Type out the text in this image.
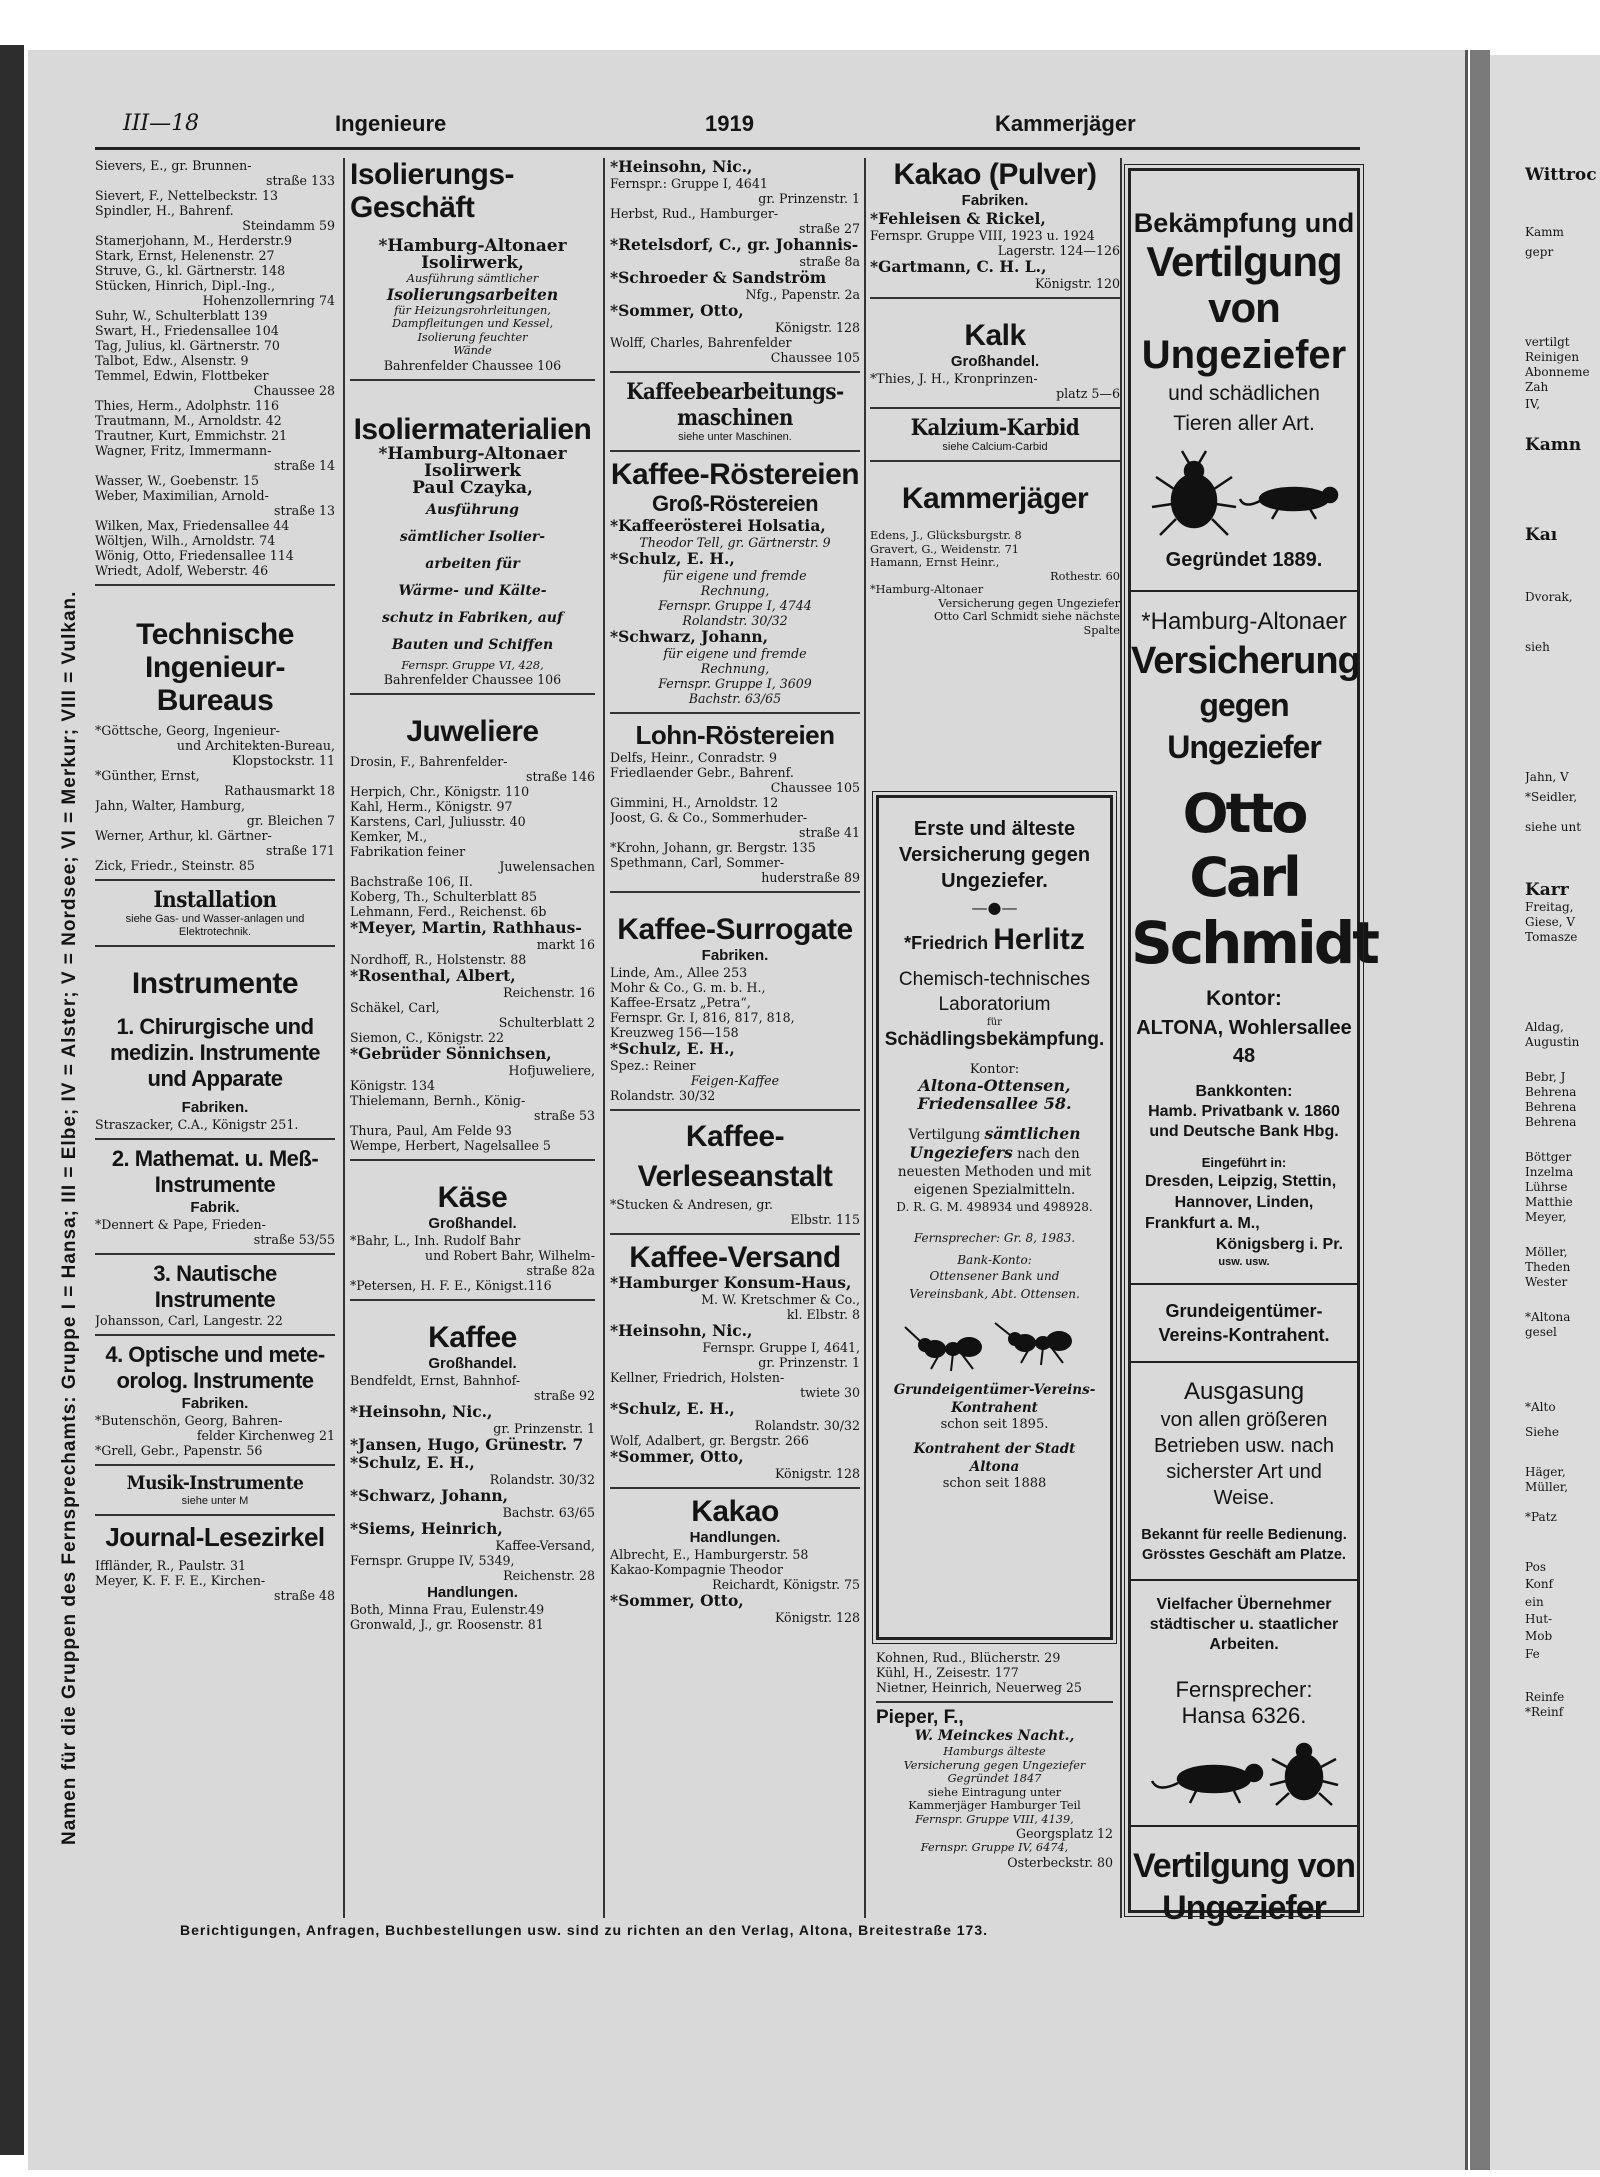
Namen für die Gruppen des Fernsprechamts: Gruppe I = Hansa; III = Elbe; IV = Alster; V = Nordsee; VI = Merkur; VIII = Vulkan.
III—18	Ingenieure	1919	Kammerjäger
Sievers, E., gr. Brunnen-
straße 133
Sievert, F., Nettelbeckstr. 13
Spindler, H., Bahrenf.
Steindamm 59
Stamerjohann, M., Herderstr.9
Stark, Ernst, Helenenstr. 27
Struve, G., kl. Gärtnerstr. 148
Stücken, Hinrich, Dipl.-Ing.,
Hohenzollernring 74
Suhr, W., Schulterblatt 139
Swart, H., Friedensallee 104
Tag, Julius, kl. Gärtnerstr. 70
Talbot, Edw., Alsenstr. 9
Temmel, Edwin, Flottbeker
Chaussee 28
Thies, Herm., Adolphstr. 116
Trautmann, M., Arnoldstr. 42
Trautner, Kurt, Emmichstr. 21
Wagner, Fritz, Immermann-
straße 14
Wasser, W., Goebenstr. 15
Weber, Maximilian, Arnold-
straße 13
Wilken, Max, Friedensallee 44
Wöltjen, Wilh., Arnoldstr. 74
Wönig, Otto, Friedensallee 114
Wriedt, Adolf, Weberstr. 46
Technische Ingenieur-Bureaus
*Göttsche, Georg, Ingenieur-
und Architekten-Bureau,
Klopstockstr. 11
*Günther, Ernst,
Rathausmarkt 18
Jahn, Walter, Hamburg,
gr. Bleichen 7
Werner, Arthur, kl. Gärtner-
straße 171
Zick, Friedr., Steinstr. 85
Installation
siehe Gas- und Wasser-anlagen und Elektrotechnik.
Instrumente
1. Chirurgische und medizin. Instrumente und Apparate
Fabriken.
Straszacker, C.A., Königstr 251.
2. Mathemat. u. Meß-Instrumente
Fabrik.
*Dennert & Pape, Frieden-
straße 53/55
3. Nautische Instrumente
Johansson, Carl, Langestr. 22
4. Optische und mete-orolog. Instrumente
Fabriken.
*Butenschön, Georg, Bahren-
felder Kirchenweg 21
*Grell, Gebr., Papenstr. 56
Musik-Instrumente
siehe unter M
Journal-Lesezirkel
Iffländer, R., Paulstr. 31
Meyer, K. F. F. E., Kirchen-
straße 48
Isolierungs-Geschäft
*Hamburg-Altonaer Isolirwerk,
Ausführung sämtlicher
Isolierungsarbeiten
für Heizungsrohrleitungen,
Dampfleitungen und Kessel,
Isolierung feuchter
Wände
Bahrenfelder Chaussee 106
Isoliermaterialien
*Hamburg-Altonaer Isolirwerk
Paul Czayka,
Ausführung
sämtlicher Isolier-
arbeiten für
Wärme- und Kälte-
schutz in Fabriken, auf
Bauten und Schiffen
Fernspr. Gruppe VI, 428,
Bahrenfelder Chaussee 106
Juweliere
Drosin, F., Bahrenfelder-
straße 146
Herpich, Chr., Königstr. 110
Kahl, Herm., Königstr. 97
Karstens, Carl, Juliusstr. 40
Kemker, M.,
Fabrikation feiner
Juwelensachen
Bachstraße 106, II.
Koberg, Th., Schulterblatt 85
Lehmann, Ferd., Reichenst. 6b
*Meyer, Martin, Rathhaus-
markt 16
Nordhoff, R., Holstenstr. 88
*Rosenthal, Albert,
Reichenstr. 16
Schäkel, Carl,
Schulterblatt 2
Siemon, C., Königstr. 22
*Gebrüder Sönnichsen,
Hofjuweliere,
Königstr. 134
Thielemann, Bernh., König-
straße 53
Thura, Paul, Am Felde 93
Wempe, Herbert, Nagelsallee 5
Käse
Großhandel.
*Bahr, L., Inh. Rudolf Bahr
und Robert Bahr, Wilhelm-
straße 82a
*Petersen, H. F. E., Königst.116
Kaffee
Großhandel.
Bendfeldt, Ernst, Bahnhof-
straße 92
*Heinsohn, Nic.,
gr. Prinzenstr. 1
*Jansen, Hugo, Grünestr. 7
*Schulz, E. H.,
Rolandstr. 30/32
*Schwarz, Johann,
Bachstr. 63/65
*Siems, Heinrich,
Kaffee-Versand,
Fernspr. Gruppe IV, 5349,
Reichenstr. 28
Handlungen.
Both, Minna Frau, Eulenstr.49
Gronwald, J., gr. Roosenstr. 81
*Heinsohn, Nic.,
Fernspr.: Gruppe I, 4641
gr. Prinzenstr. 1
Herbst, Rud., Hamburger-
straße 27
*Retelsdorf, C., gr. Johannis-
straße 8a
*Schroeder & Sandström
Nfg., Papenstr. 2a
*Sommer, Otto,
Königstr. 128
Wolff, Charles, Bahrenfelder
Chaussee 105
Kaffeebearbeitungs-maschinen
siehe unter Maschinen.
Kaffee-Röstereien
Groß-Röstereien
*Kaffeerösterei Holsatia,
Theodor Tell, gr. Gärtnerstr. 9
*Schulz, E. H.,
für eigene und fremde
Rechnung,
Fernspr. Gruppe I, 4744
Rolandstr. 30/32
*Schwarz, Johann,
für eigene und fremde
Rechnung,
Fernspr. Gruppe I, 3609
Bachstr. 63/65
Lohn-Röstereien
Delfs, Heinr., Conradstr. 9
Friedlaender Gebr., Bahrenf.
Chaussee 105
Gimmini, H., Arnoldstr. 12
Joost, G. & Co., Sommerhuder-
straße 41
*Krohn, Johann, gr. Bergstr. 135
Spethmann, Carl, Sommer-
huderstraße 89
Kaffee-Surrogate
Fabriken.
Linde, Am., Allee 253
Mohr & Co., G. m. b. H.,
Kaffee-Ersatz „Petra“,
Fernspr. Gr. I, 816, 817, 818,
Kreuzweg 156—158
*Schulz, E. H.,
Spez.: Reiner
Feigen-Kaffee
Rolandstr. 30/32
Kaffee-Verleseanstalt
*Stucken & Andresen, gr.
Elbstr. 115
Kaffee-Versand
*Hamburger Konsum-Haus,
M. W. Kretschmer & Co.,
kl. Elbstr. 8
*Heinsohn, Nic.,
Fernspr. Gruppe I, 4641,
gr. Prinzenstr. 1
Kellner, Friedrich, Holsten-
twiete 30
*Schulz, E. H.,
Rolandstr. 30/32
Wolf, Adalbert, gr. Bergstr. 266
*Sommer, Otto,
Königstr. 128
Kakao
Handlungen.
Albrecht, E., Hamburgerstr. 58
Kakao-Kompagnie Theodor
Reichardt, Königstr. 75
*Sommer, Otto,
Königstr. 128
Kakao (Pulver)
Fabriken.
*Fehleisen & Rickel,
Fernspr. Gruppe VIII, 1923 u. 1924
Lagerstr. 124—126
*Gartmann, C. H. L.,
Königstr. 120
Kalk
Großhandel.
*Thies, J. H., Kronprinzen-
platz 5—6
Kalzium-Karbid
siehe Calcium-Carbid
Kammerjäger
Edens, J., Glücksburgstr. 8
Gravert, G., Weidenstr. 71
Hamann, Ernst Heinr.,
Rothestr. 60
*Hamburg-Altonaer
Versicherung gegen Ungeziefer
Otto Carl Schmidt siehe nächste
Spalte
Erste und älteste Versicherung gegen Ungeziefer.
—●—
*Friedrich Herlitz
Chemisch-technisches Laboratorium
für
Schädlingsbekämpfung.
Kontor:
Altona-Ottensen,
Friedensallee 58.
Vertilgung sämtlichen
Ungeziefers nach den neuesten Methoden und mit eigenen Spezialmitteln.
D. R. G. M. 498934 und 498928.
Fernsprecher: Gr. 8, 1983.
Bank-Konto:
Ottensener Bank und Vereinsbank, Abt. Ottensen.
Grundeigentümer-Vereins-Kontrahent
schon seit 1895.
Kontrahent der Stadt Altona
schon seit 1888
Kohnen, Rud., Blücherstr. 29
Kühl, H., Zeisestr. 177
Nietner, Heinrich, Neuerweg 25
Pieper, F.,
W. Meinckes Nacht.,
Hamburgs älteste
Versicherung gegen Ungeziefer
Gegründet 1847
siehe Eintragung unter
Kammerjäger Hamburger Teil
Fernspr. Gruppe VIII, 4139,
Georgsplatz 12
Fernspr. Gruppe IV, 6474,
Osterbeckstr. 80
Bekämpfung und
Vertilgung von
Ungeziefer
und schädlichen Tieren aller Art.
Gegründet 1889.
*Hamburg-Altonaer
Versicherung
gegen Ungeziefer
Otto Carl
Schmidt
Kontor:
ALTONA, Wohlersallee 48
Bankkonten:
Hamb. Privatbank v. 1860
und Deutsche Bank Hbg.
Eingeführt in:
Dresden, Leipzig, Stettin,
Hannover, Linden,
Frankfurt a. M.,
Königsberg i. Pr.
usw. usw.
Grundeigentümer-Vereins-Kontrahent.
Ausgasung
von allen größeren Betrieben usw. nach sicherster Art und Weise.
Bekannt für reelle Bedienung.
Grösstes Geschäft am Platze.
Vielfacher Übernehmer
städtischer u. staatlicher
Arbeiten.
Fernsprecher:
Hansa 6326.
Vertilgung von
Ungeziefer
Berichtigungen, Anfragen, Buchbestellungen usw. sind zu richten an den Verlag, Altona, Breitestraße 173.
Wittroc
Kamm
gepr
vertilgt
Reinigen
Abonneme
Zah
IV,
Kamn
Kaı
Dvorak,
sieh
Jahn, V
*Seidler,
siehe unt
Karr
Freitag,
Giese, V
Tomasze
Aldag,
Augustin
Bebr, J
Behrena
Behrena
Behrena
Böttger
Inzelma
Lührse
Matthie
Meyer,
Möller,
Theden
Wester
*Altona
gesel
*Alto
Siehe
Häger,
Müller,
*Patz
Pos
Konf
ein
Hut-
Mob
Fe
Reinfe
*Reinf
